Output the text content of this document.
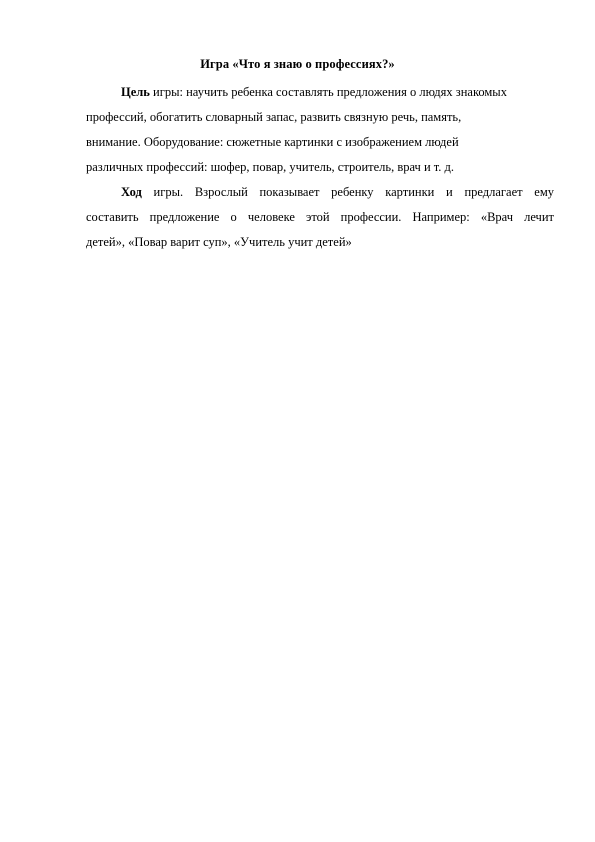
Игра «Что я знаю о профессиях?»
Цель игры: научить ребенка составлять предложения о людях знакомых
профессий, обогатить словарный запас, развить связную речь, память,
внимание. Оборудование: сюжетные картинки с изображением людей
различных профессий: шофер, повар, учитель, строитель, врач и т. д.
Ход игры. Взрослый показывает ребенку картинки и предлагает ему
составить предложение о человеке этой профессии. Например: «Врач лечит
детей», «Повар варит суп», «Учитель учит детей»
